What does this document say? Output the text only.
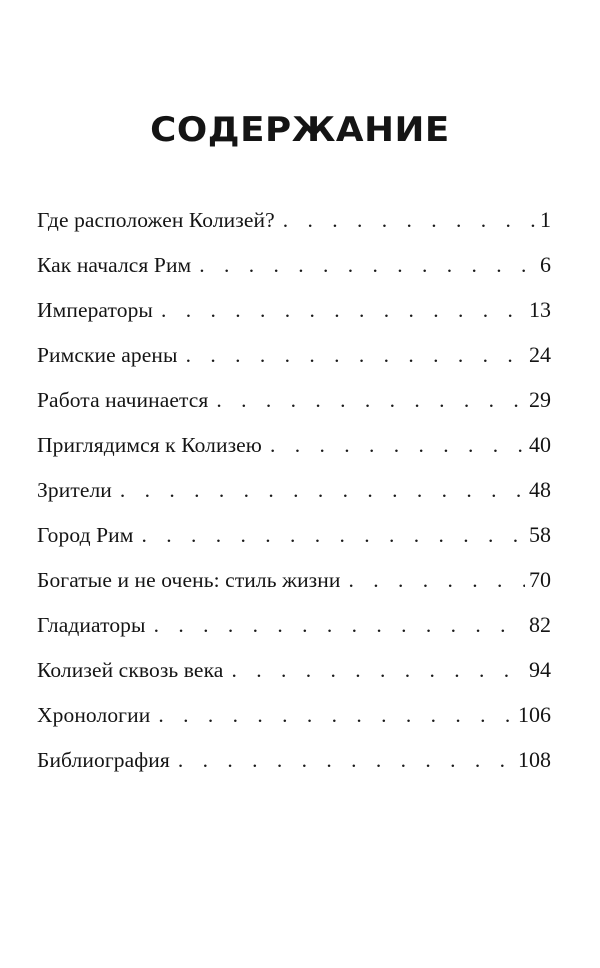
СОДЕРЖАНИЕ
Где расположен Колизей? . . .	1
Как начался Рим . . .	6
Императоры . . .	13
Римские арены . . .	24
Работа начинается . . .	29
Приглядимся к Колизею . . .	40
Зрители . . .	48
Город Рим . . .	58
Богатые и не очень: стиль жизни . . .	70
Гладиаторы . . .	82
Колизей сквозь века . . .	94
Хронологии . . .	106
Библиография . . .	108
